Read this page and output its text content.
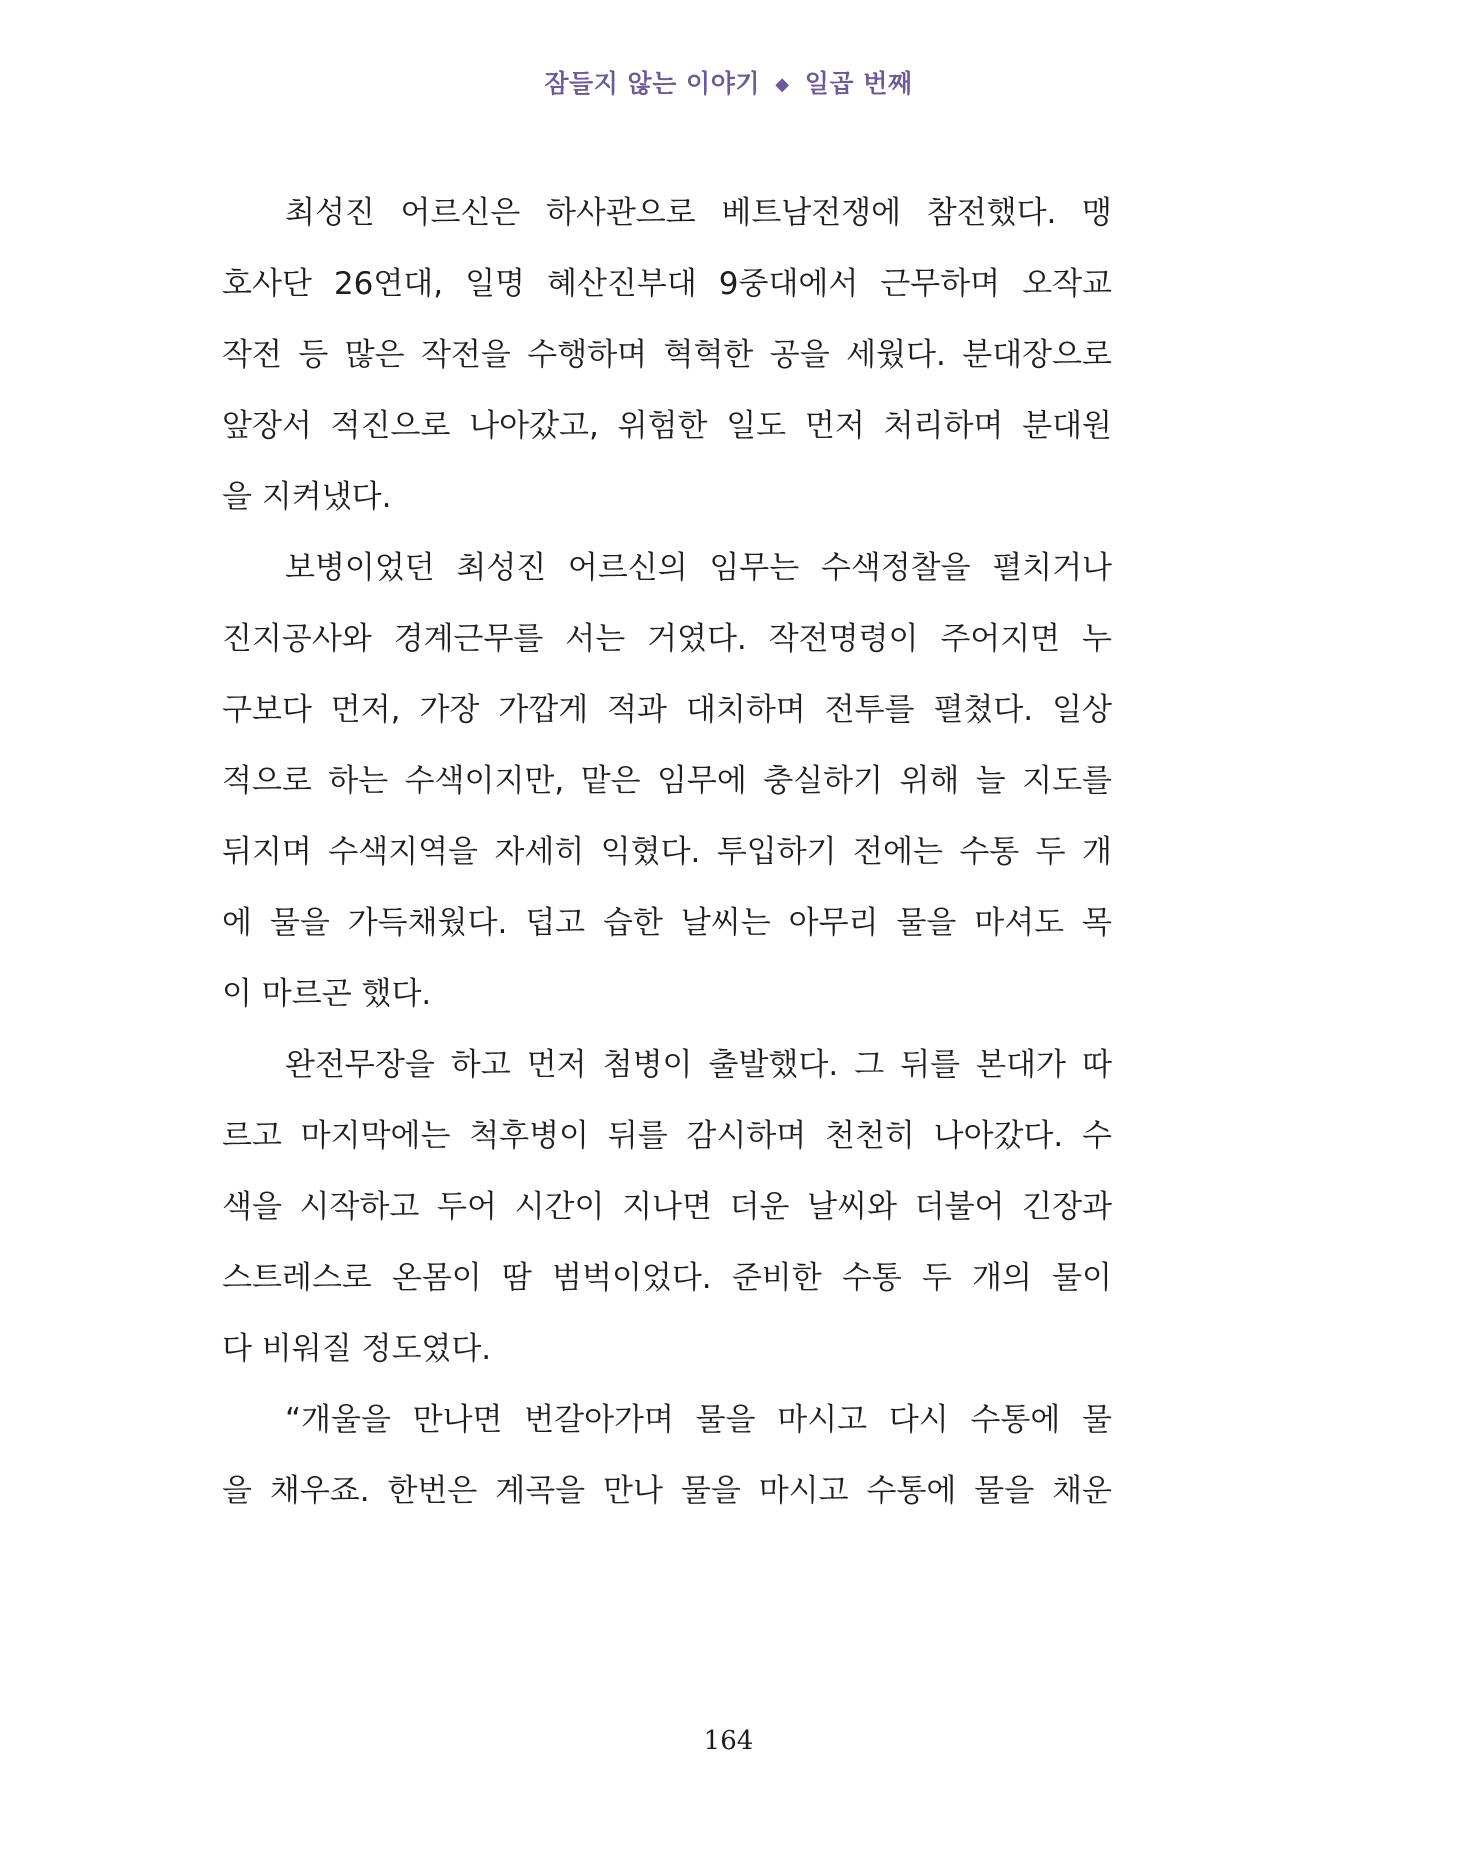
잠들지 않는 이야기 ◆ 일곱 번째
최성진 어르신은 하사관으로 베트남전쟁에 참전했다. 맹
호사단 26연대, 일명 혜산진부대 9중대에서 근무하며 오작교
작전 등 많은 작전을 수행하며 혁혁한 공을 세웠다. 분대장으로
앞장서 적진으로 나아갔고, 위험한 일도 먼저 처리하며 분대원
을 지켜냈다.
보병이었던 최성진 어르신의 임무는 수색정찰을 펼치거나
진지공사와 경계근무를 서는 거였다. 작전명령이 주어지면 누
구보다 먼저, 가장 가깝게 적과 대치하며 전투를 펼쳤다. 일상
적으로 하는 수색이지만, 맡은 임무에 충실하기 위해 늘 지도를
뒤지며 수색지역을 자세히 익혔다. 투입하기 전에는 수통 두 개
에 물을 가득채웠다. 덥고 습한 날씨는 아무리 물을 마셔도 목
이 마르곤 했다.
완전무장을 하고 먼저 첨병이 출발했다. 그 뒤를 본대가 따
르고 마지막에는 척후병이 뒤를 감시하며 천천히 나아갔다. 수
색을 시작하고 두어 시간이 지나면 더운 날씨와 더불어 긴장과
스트레스로 온몸이 땀 범벅이었다. 준비한 수통 두 개의 물이
다 비워질 정도였다.
“개울을 만나면 번갈아가며 물을 마시고 다시 수통에 물
을 채우죠. 한번은 계곡을 만나 물을 마시고 수통에 물을 채운
164
